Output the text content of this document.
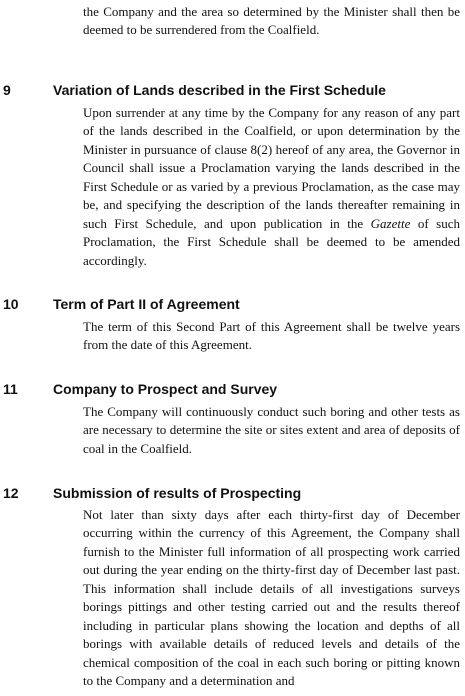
the Company and the area so determined by the Minister shall then be deemed to be surrendered from the Coalfield.

9	Variation of Lands described in the First Schedule

Upon surrender at any time by the Company for any reason of any part of the lands described in the Coalfield, or upon determination by the Minister in pursuance of clause 8(2) hereof of any area, the Governor in Council shall issue a Proclamation varying the lands described in the First Schedule or as varied by a previous Proclamation, as the case may be, and specifying the description of the lands thereafter remaining in such First Schedule, and upon publication in the Gazette of such Proclamation, the First Schedule shall be deemed to be amended accordingly.

10 Term of Part II of Agreement

The term of this Second Part of this Agreement shall be twelve years from the date of this Agreement.

11	Company to Prospect and Survey

The Company will continuously conduct such boring and other tests as are necessary to determine the site or sites extent and area of deposits of coal in the Coalfield.

12 Submission of results of Prospecting

Not later than sixty days after each thirty-first day of December occurring within the currency of this Agreement, the Company shall furnish to the Minister full information of all prospecting work carried out during the year ending on the thirty-first day of December last past. This information shall include details of all investigations surveys borings pittings and other testing carried out and the results thereof including in particular plans showing the location and depths of all borings with available details of reduced levels and details of the chemical composition of the coal in each such boring or pitting known to the Company and a determination and
